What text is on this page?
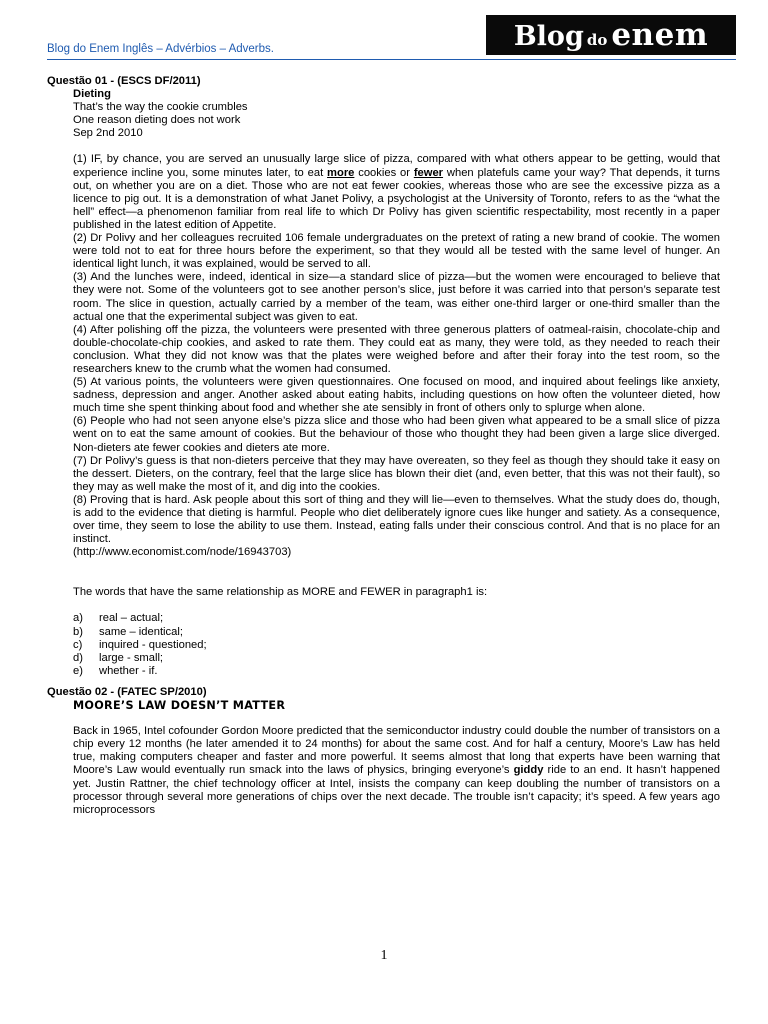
Blog do Enem Inglês – Advérbios – Adverbs.	Blog do enem
Questão 01 - (ESCS DF/2011)

Dieting

That’s the way the cookie crumbles

One reason dieting does not work

Sep 2nd 2010

(1) IF, by chance, you are served an unusually large slice of pizza, compared with what others appear to be getting, would that experience incline you, some minutes later, to eat more cookies or fewer when platefuls came your way? That depends, it turns out, on whether you are on a diet. Those who are not eat fewer cookies, whereas those who are see the excessive pizza as a licence to pig out. It is a demonstration of what Janet Polivy, a psychologist at the University of Toronto, refers to as the “what the hell” effect—a phenomenon familiar from real life to which Dr Polivy has given scientific respectability, most recently in a paper published in the latest edition of Appetite.

(2) Dr Polivy and her colleagues recruited 106 female undergraduates on the pretext of rating a new brand of cookie. The women were told not to eat for three hours before the experiment, so that they would all be tested with the same level of hunger. An identical light lunch, it was explained, would be served to all.

(3) And the lunches were, indeed, identical in size—a standard slice of pizza—but the women were encouraged to believe that they were not. Some of the volunteers got to see another person’s slice, just before it was carried into that person’s separate test room. The slice in question, actually carried by a member of the team, was either one-third larger or one-third smaller than the actual one that the experimental subject was given to eat.

(4) After polishing off the pizza, the volunteers were presented with three generous platters of oatmeal-raisin, chocolate-chip and double-chocolate-chip cookies, and asked to rate them. They could eat as many, they were told, as they needed to reach their conclusion. What they did not know was that the plates were weighed before and after their foray into the test room, so the researchers knew to the crumb what the women had consumed.

(5) At various points, the volunteers were given questionnaires. One focused on mood, and inquired about feelings like anxiety, sadness, depression and anger. Another asked about eating habits, including questions on how often the volunteer dieted, how much time she spent thinking about food and whether she ate sensibly in front of others only to splurge when alone.

(6) People who had not seen anyone else’s pizza slice and those who had been given what appeared to be a small slice of pizza went on to eat the same amount of cookies. But the behaviour of those who thought they had been given a large slice diverged. Non-dieters ate fewer cookies and dieters ate more.

(7) Dr Polivy’s guess is that non-dieters perceive that they may have overeaten, so they feel as though they should take it easy on the dessert. Dieters, on the contrary, feel that the large slice has blown their diet (and, even better, that this was not their fault), so they may as well make the most of it, and dig into the cookies.

(8) Proving that is hard. Ask people about this sort of thing and they will lie—even to themselves. What the study does do, though, is add to the evidence that dieting is harmful. People who diet deliberately ignore cues like hunger and satiety. As a consequence, over time, they seem to lose the ability to use them. Instead, eating falls under their conscious control. And that is no place for an instinct.

(http://www.economist.com/node/16943703)

The words that have the same relationship as MORE and FEWER in paragraph1 is:
a)	real – actual;
b)	same – identical;
c)	inquired - questioned;
d)	large - small;
e)	whether - if.
Questão 02 - (FATEC SP/2010)
MOORE’S LAW DOESN’T MATTER
Back in 1965, Intel cofounder Gordon Moore predicted that the semiconductor industry could double the number of transistors on a chip every 12 months (he later amended it to 24 months) for about the same cost. And for half a century, Moore’s Law has held true, making computers cheaper and faster and more powerful. It seems almost that long that experts have been warning that Moore’s Law would eventually run smack into the laws of physics, bringing everyone’s giddy ride to an end. It hasn’t happened yet. Justin Rattner, the chief technology officer at Intel, insists the company can keep doubling the number of transistors on a processor through several more generations of chips over the next decade. The trouble isn’t capacity; it’s speed. A few years ago microprocessors
1
